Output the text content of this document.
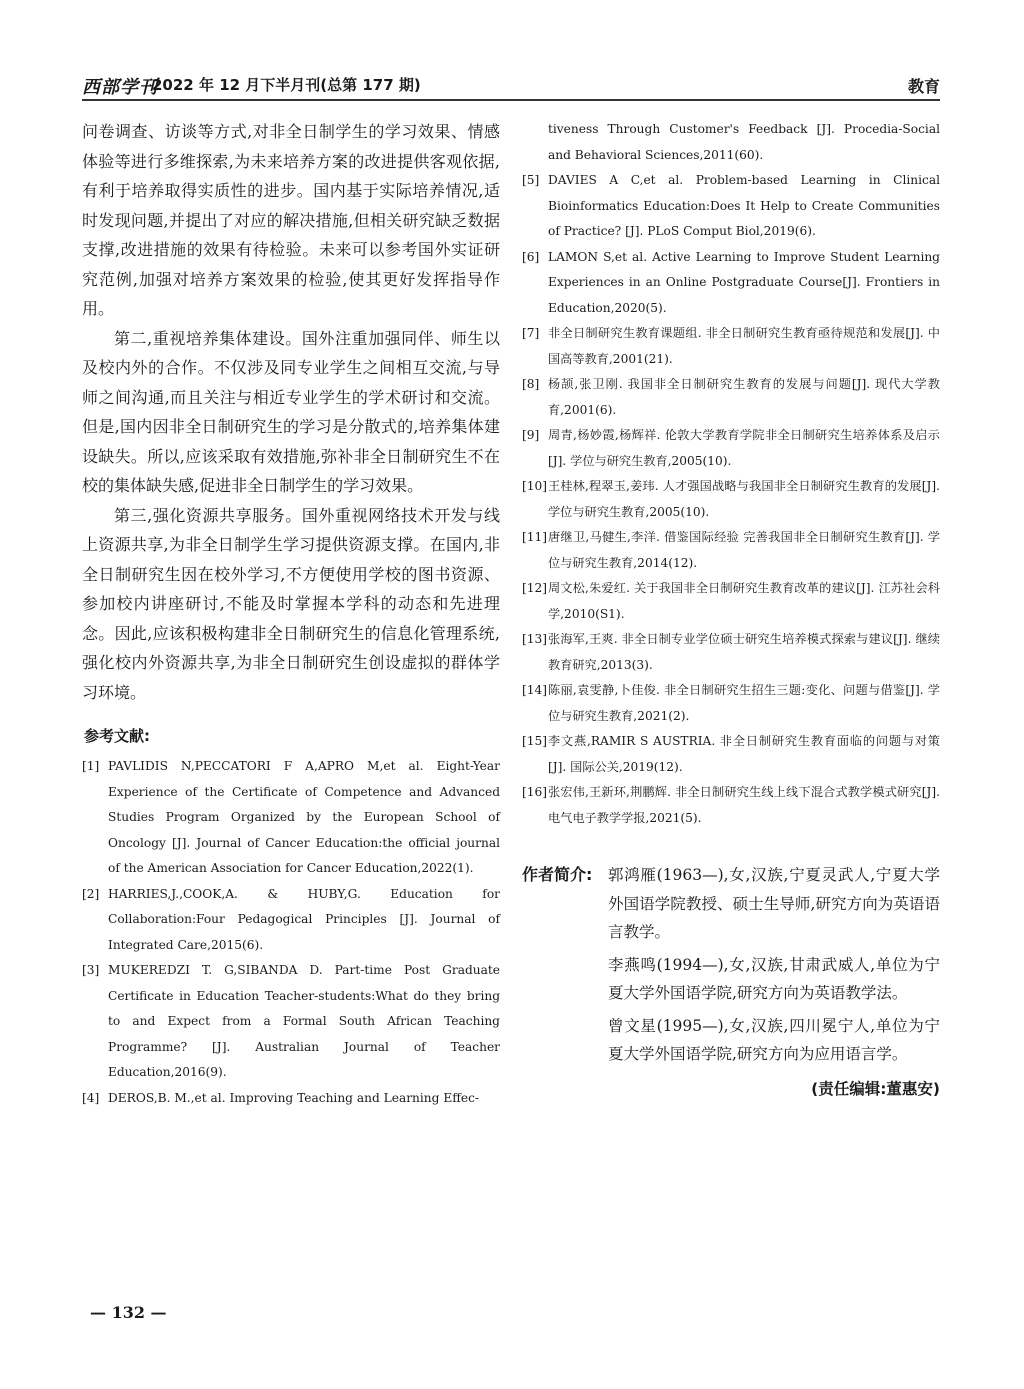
西部学刊
2022 年 12 月下半月刊(总第 177 期)	教育

问卷调查、访谈等方式,对非全日制学生的学习效果、情感体验等进行多维探索,为未来培养方案的改进提供客观依据,有利于培养取得实质性的进步。国内基于实际培养情况,适时发现问题,并提出了对应的解决措施,但相关研究缺乏数据支撑,改进措施的效果有待检验。未来可以参考国外实证研究范例,加强对培养方案效果的检验,使其更好发挥指导作用。

第二,重视培养集体建设。国外注重加强同伴、师生以及校内外的合作。不仅涉及同专业学生之间相互交流,与导师之间沟通,而且关注与相近专业学生的学术研讨和交流。但是,国内因非全日制研究生的学习是分散式的,培养集体建设缺失。所以,应该采取有效措施,弥补非全日制研究生不在校的集体缺失感,促进非全日制学生的学习效果。

第三,强化资源共享服务。国外重视网络技术开发与线上资源共享,为非全日制学生学习提供资源支撑。在国内,非全日制研究生因在校外学习,不方便使用学校的图书资源、参加校内讲座研讨,不能及时掌握本学科的动态和先进理念。因此,应该积极构建非全日制研究生的信息化管理系统,强化校内外资源共享,为非全日制研究生创设虚拟的群体学习环境。

参考文献:
[1] PAVLIDIS N,PECCATORI F A,APRO M,et al. Eight-Year Experience of the Certificate of Competence and Advanced Studies Program Organized by the European School of Oncology [J]. Journal of Cancer Education:the official journal of the American Association for Cancer Education,2022(1).
[2] HARRIES,J.,COOK,A. & HUBY,G. Education for Collaboration:Four Pedagogical Principles [J]. Journal of Integrated Care,2015(6).
[3] MUKEREDZI T. G,SIBANDA D. Part-time Post Graduate Certificate in Education Teacher-students:What do they bring to and Expect from a Formal South African Teaching Programme? [J]. Australian Journal of Teacher Education,2016(9).
[4] DEROS,B. M.,et al. Improving Teaching and Learning Effec-
tiveness Through Customer's Feedback [J]. Procedia-Social and Behavioral Sciences,2011(60).
[5] DAVIES A C,et al. Problem-based Learning in Clinical Bioinformatics Education:Does It Help to Create Communities of Practice? [J]. PLoS Comput Biol,2019(6).
[6] LAMON S,et al. Active Learning to Improve Student Learning Experiences in an Online Postgraduate Course[J]. Frontiers in Education,2020(5).
[7] 非全日制研究生教育课题组. 非全日制研究生教育亟待规范和发展[J]. 中国高等教育,2001(21).
[8] 杨颉,张卫刚. 我国非全日制研究生教育的发展与问题[J]. 现代大学教育,2001(6).
[9] 周青,杨妙霞,杨辉祥. 伦敦大学教育学院非全日制研究生培养体系及启示[J]. 学位与研究生教育,2005(10).
[10] 王桂林,程翠玉,姜玮. 人才强国战略与我国非全日制研究生教育的发展[J]. 学位与研究生教育,2005(10).
[11] 唐继卫,马健生,李洋. 借鉴国际经验 完善我国非全日制研究生教育[J]. 学位与研究生教育,2014(12).
[12] 周文松,朱爱红. 关于我国非全日制研究生教育改革的建议[J]. 江苏社会科学,2010(S1).
[13] 张海军,王爽. 非全日制专业学位硕士研究生培养模式探索与建议[J]. 继续教育研究,2013(3).
[14] 陈丽,袁雯静,卜佳俊. 非全日制研究生招生三题:变化、问题与借鉴[J]. 学位与研究生教育,2021(2).
[15] 李文燕,RAMIR S AUSTRIA. 非全日制研究生教育面临的问题与对策[J]. 国际公关,2019(12).
[16] 张宏伟,王新环,荆鹏辉. 非全日制研究生线上线下混合式教学模式研究[J]. 电气电子教学学报,2021(5).
作者简介: 郭鸿雁(1963—),女,汉族,宁夏灵武人,宁夏大学外国语学院教授、硕士生导师,研究方向为英语语言教学。

李燕鸣(1994—),女,汉族,甘肃武威人,单位为宁夏大学外国语学院,研究方向为英语教学法。

曾文星(1995—),女,汉族,四川冕宁人,单位为宁夏大学外国语学院,研究方向为应用语言学。

(责任编辑:董惠安)
— 132 —
